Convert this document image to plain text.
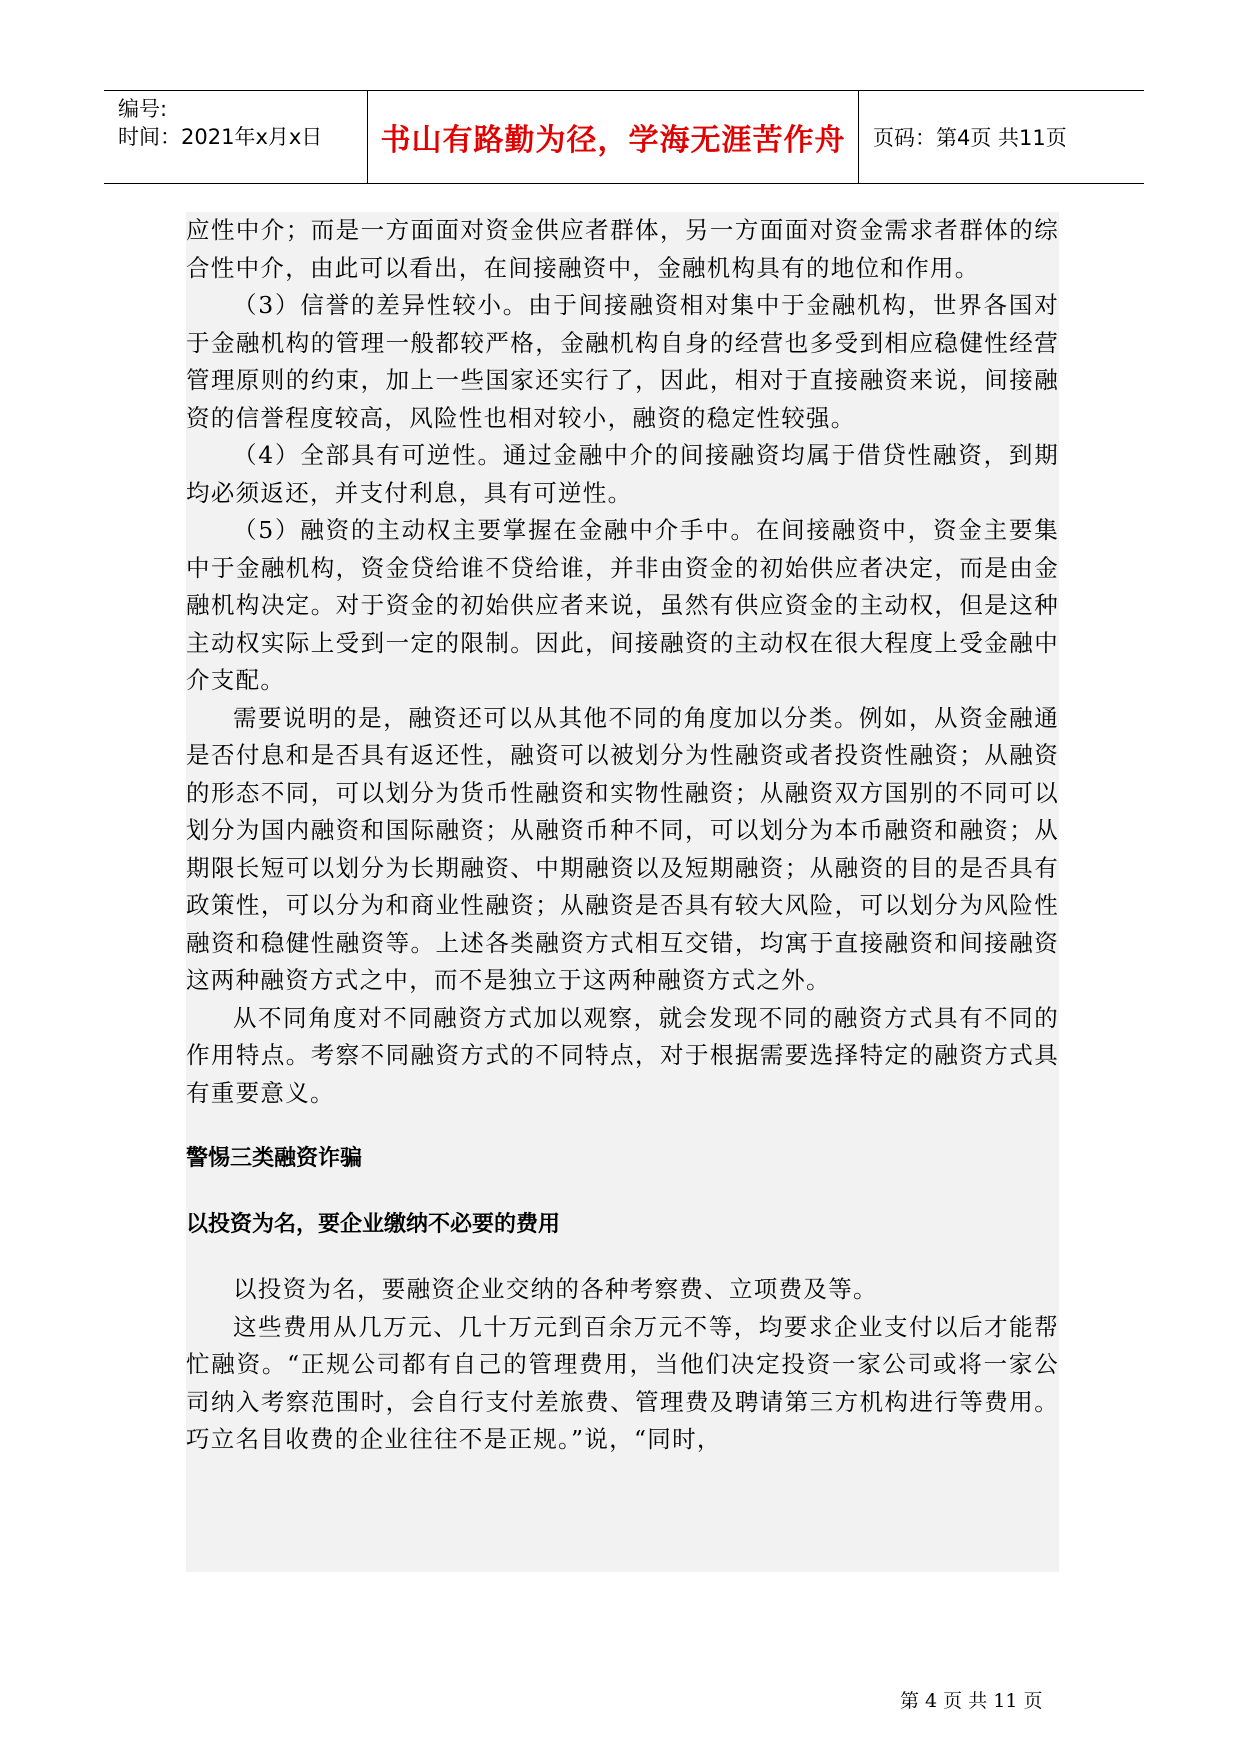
编号:
时间：2021年x月x日 书山有路勤为径，学海无涯苦作舟 页码：第4页 共11页

应性中介；而是一方面面对资金供应者群体，另一方面面对资金需求者群体的综合性中介，由此可以看出，在间接融资中，金融机构具有的地位和作用。

（3）信誉的差异性较小。由于间接融资相对集中于金融机构，世界各国对于金融机构的管理一般都较严格，金融机构自身的经营也多受到相应稳健性经营管理原则的约束，加上一些国家还实行了，因此，相对于直接融资来说，间接融资的信誉程度较高，风险性也相对较小，融资的稳定性较强。

（4）全部具有可逆性。通过金融中介的间接融资均属于借贷性融资，到期均必须返还，并支付利息，具有可逆性。

（5）融资的主动权主要掌握在金融中介手中。在间接融资中，资金主要集中于金融机构，资金贷给谁不贷给谁，并非由资金的初始供应者决定，而是由金融机构决定。对于资金的初始供应者来说，虽然有供应资金的主动权，但是这种主动权实际上受到一定的限制。因此，间接融资的主动权在很大程度上受金融中介支配。

需要说明的是，融资还可以从其他不同的角度加以分类。例如，从资金融通是否付息和是否具有返还性，融资可以被划分为性融资或者投资性融资；从融资的形态不同，可以划分为货币性融资和实物性融资；从融资双方国别的不同可以划分为国内融资和国际融资；从融资币种不同，可以划分为本币融资和融资；从期限长短可以划分为长期融资、中期融资以及短期融资；从融资的目的是否具有政策性，可以分为和商业性融资；从融资是否具有较大风险，可以划分为风险性融资和稳健性融资等。上述各类融资方式相互交错，均寓于直接融资和间接融资这两种融资方式之中，而不是独立于这两种融资方式之外。

从不同角度对不同融资方式加以观察，就会发现不同的融资方式具有不同的作用特点。考察不同融资方式的不同特点，对于根据需要选择特定的融资方式具有重要意义。

警惕三类融资诈骗
以投资为名，要企业缴纳不必要的费用

以投资为名，要融资企业交纳的各种考察费、立项费及等。

这些费用从几万元、几十万元到百余万元不等，均要求企业支付以后才能帮忙融资。“正规公司都有自己的管理费用，当他们决定投资一家公司或将一家公司纳入考察范围时，会自行支付差旅费、管理费及聘请第三方机构进行等费用。巧立名目收费的企业往往不是正规。”说，“同时，

第 4 页 共 11 页
